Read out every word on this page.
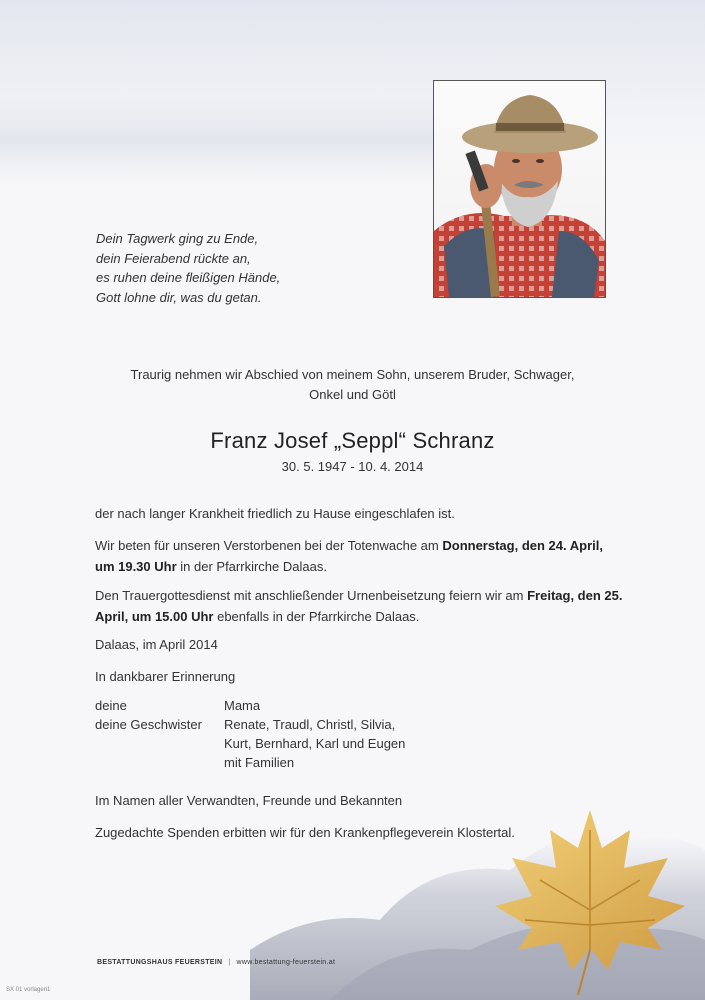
Dein Tagwerk ging zu Ende,
dein Feierabend rückte an,
es ruhen deine fleißigen Hände,
Gott lohne dir, was du getan.
Traurig nehmen wir Abschied von meinem Sohn, unserem Bruder, Schwager,
Onkel und Götl
Franz Josef „Seppl“ Schranz
30. 5. 1947 - 10. 4. 2014
der nach langer Krankheit friedlich zu Hause eingeschlafen ist.
Wir beten für unseren Verstorbenen bei der Totenwache am Donnerstag, den 24. April, um 19.30 Uhr in der Pfarrkirche Dalaas.
Den Trauergottesdienst mit anschließender Urnenbeisetzung feiern wir am Freitag, den 25. April, um 15.00 Uhr ebenfalls in der Pfarrkirche Dalaas.
Dalaas, im April 2014
In dankbarer Erinnerung
deine	Mama
deine Geschwister	Renate, Traudl, Christl, Silvia,
Kurt, Bernhard, Karl und Eugen
mit Familien
Im Namen aller Verwandten, Freunde und Bekannten
Zugedachte Spenden erbitten wir für den Krankenpflegeverein Klostertal.
BESTATTUNGSHAUS FEUERSTEIN | www.bestattung-feuerstein.at
SX 01 vorlagen1
